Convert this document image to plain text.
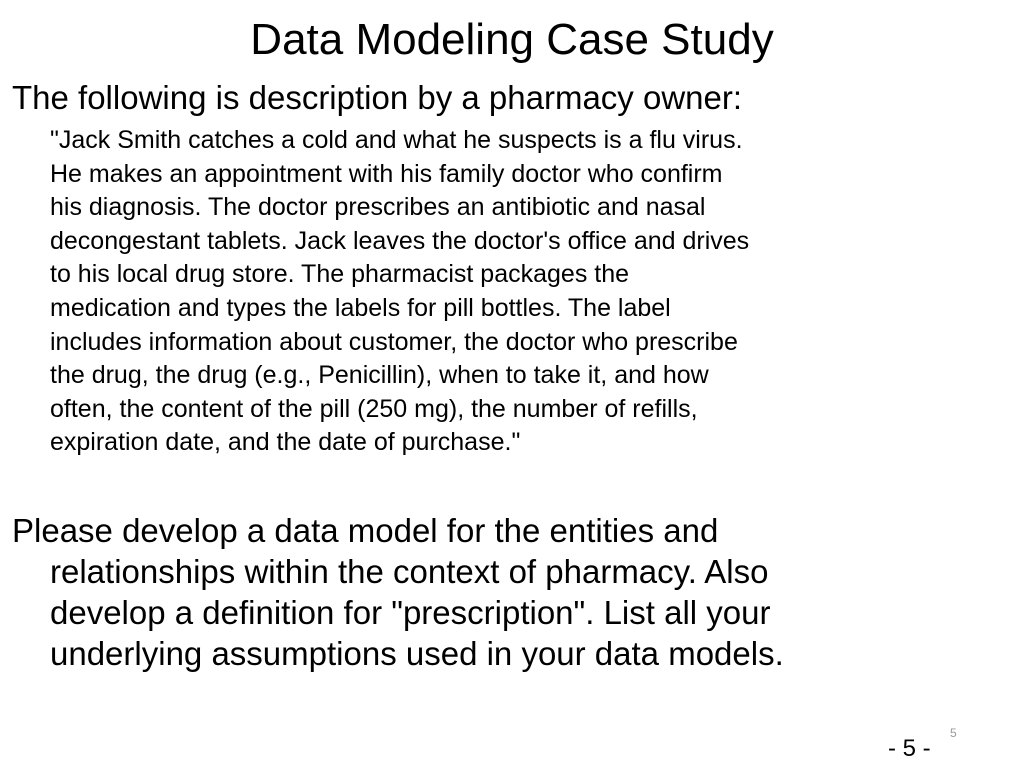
Data Modeling Case Study

The following is description by a pharmacy owner:

"Jack Smith catches a cold and what he suspects is a flu virus.
He makes an appointment with his family doctor who confirm
his diagnosis. The doctor prescribes an antibiotic and nasal
decongestant tablets. Jack leaves the doctor's office and drives
to his local drug store. The pharmacist packages the
medication and types the labels for pill bottles. The label
includes information about customer, the doctor who prescribe
the drug, the drug (e.g., Penicillin), when to take it, and how
often, the content of the pill (250 mg), the number of refills,
expiration date, and the date of purchase."
Please develop a data model for the entities and
relationships within the context of pharmacy. Also
develop a definition for "prescription". List all your
underlying assumptions used in your data models.
5
- 5 -
